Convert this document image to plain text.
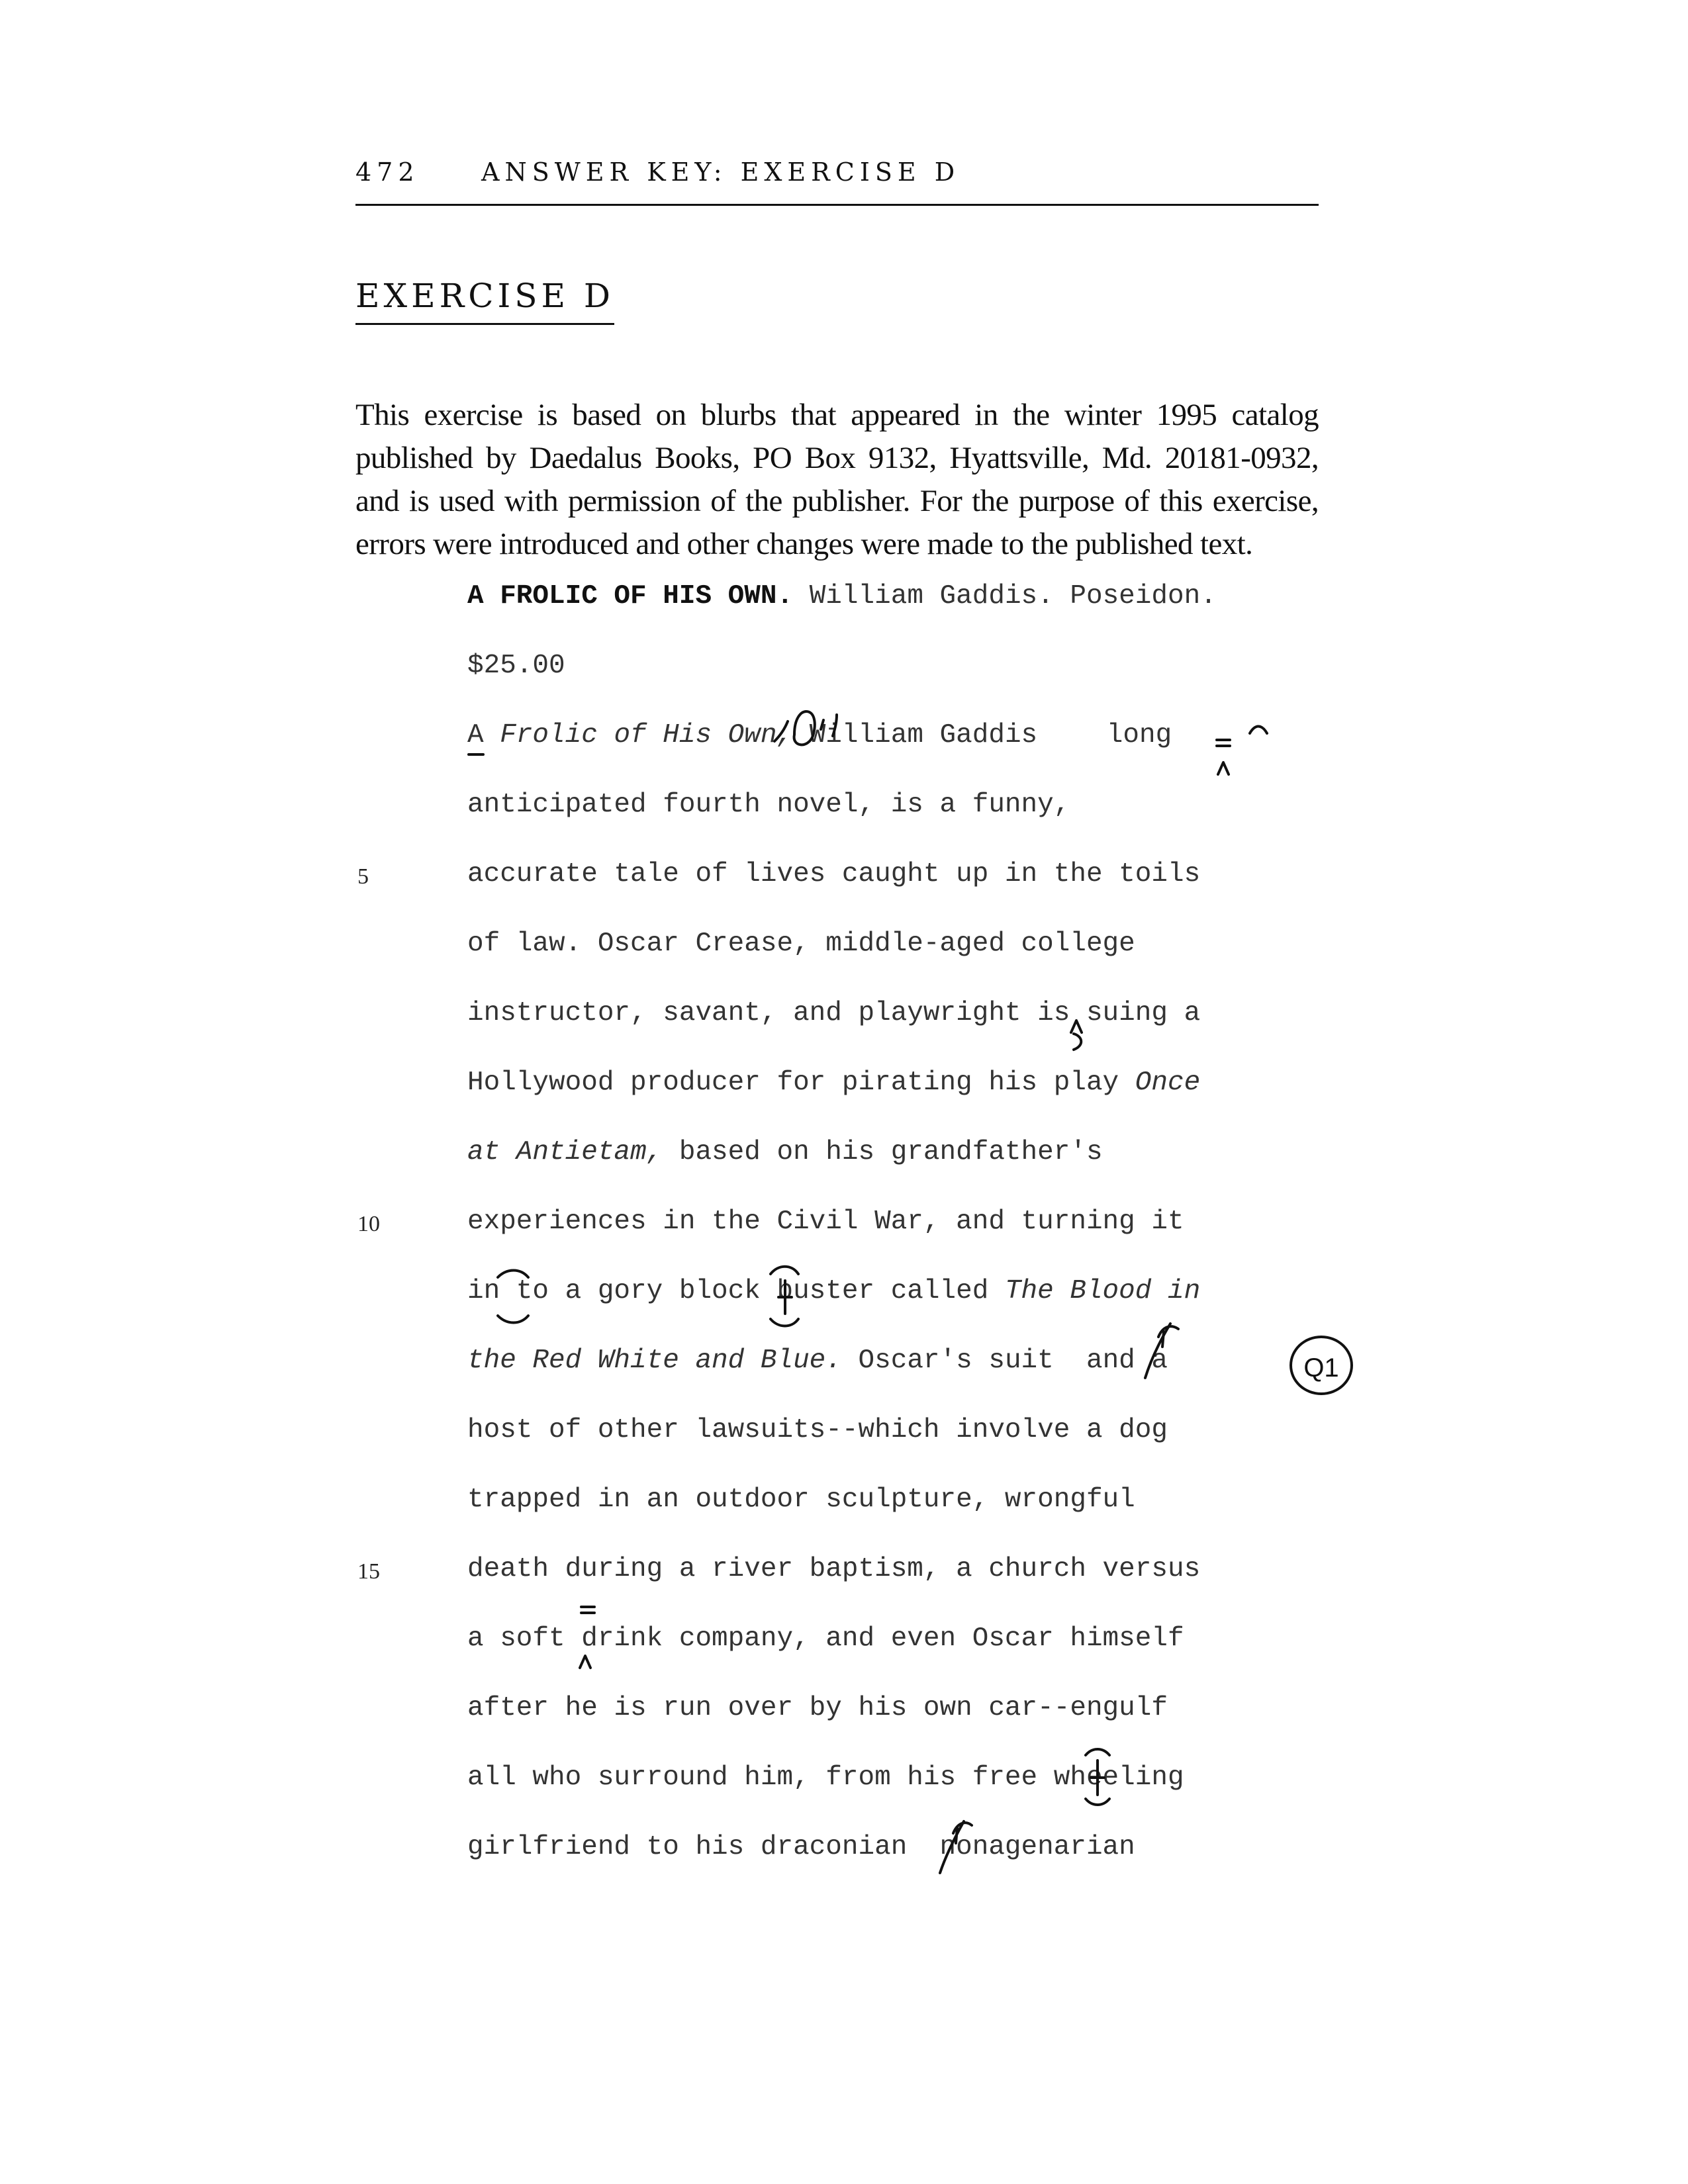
472 ANSWER KEY: EXERCISE D
EXERCISE D

This exercise is based on blurbs that appeared in the winter 1995 catalog published by Daedalus Books, PO Box 9132, Hyattsville, Md. 20181-0932, and is used with permission of the publisher. For the purpose of this exercise, errors were introduced and other changes were made to the published text.

A FROLIC OF HIS OWN. William Gaddis. Poseidon.
$25.00
A Frolic of His Own, William Gaddis long
anticipated fourth novel, is a funny,
accurate tale of lives caught up in the toils
of law. Oscar Crease, middle-aged college
instructor, savant, and playwright is suing a
Hollywood producer for pirating his play Once
at Antietam, based on his grandfather's
experiences in the Civil War, and turning it
in to a gory block buster called The Blood in
the Red White and Blue. Oscar's suit  and a
host of other lawsuits--which involve a dog
trapped in an outdoor sculpture, wrongful
death during a river baptism, a church versus
a soft drink company, and even Oscar himself
after he is run over by his own car--engulf
all who surround him, from his free wheeling
girlfriend to his draconian  nonagenarian
5
10
15
Q1
